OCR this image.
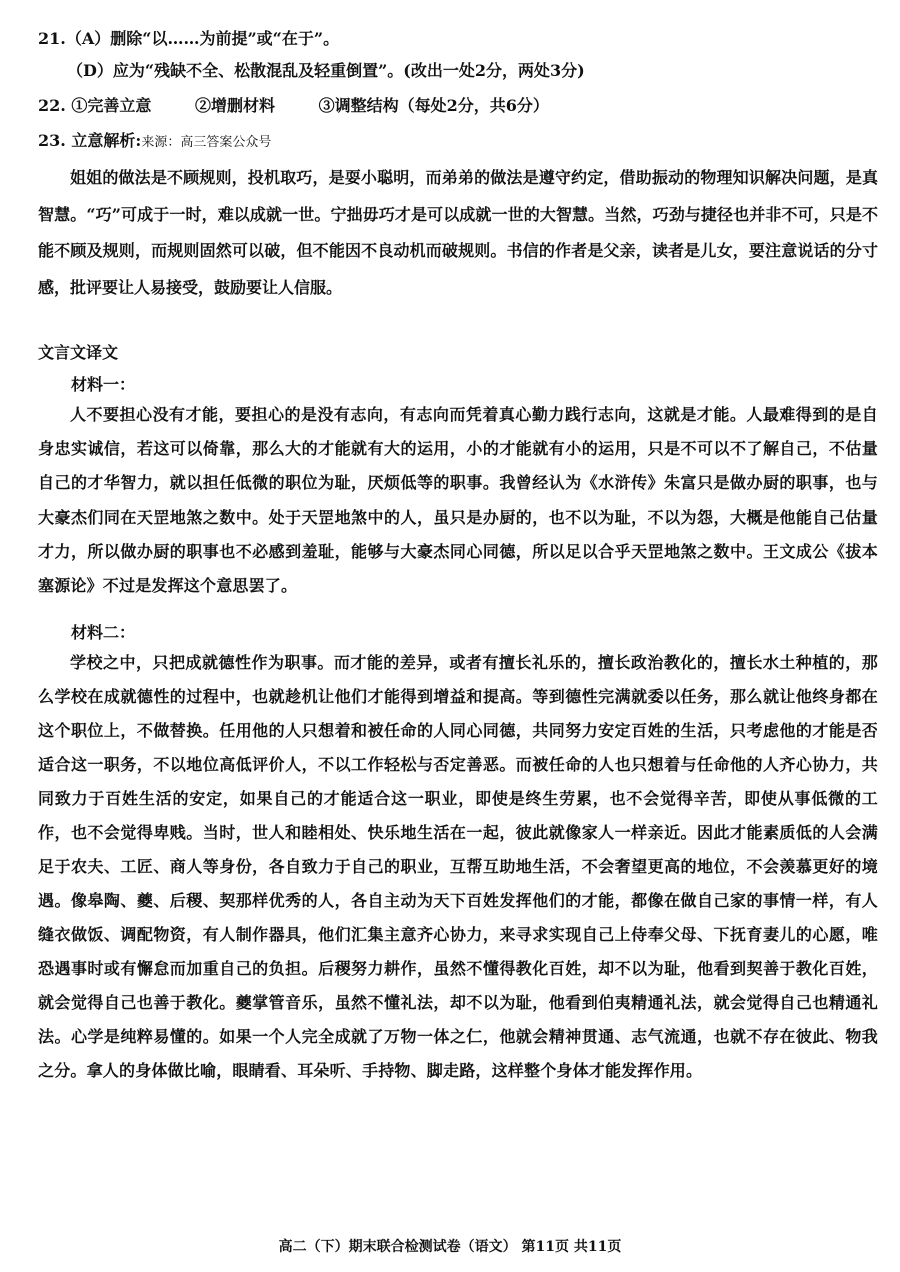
21.（A）删除“以……为前提”或“在于”。
（D）应为“残缺不全、松散混乱及轻重倒置”。(改出一处2分，两处3分)
22. ①完善立意	②增删材料	③调整结构（每处2分，共6分）
23. 立意解析:来源：高三答案公众号
姐姐的做法是不顾规则，投机取巧，是耍小聪明，而弟弟的做法是遵守约定，借助振动的物理知识解决问题，是真智慧。“巧”可成于一时，难以成就一世。宁拙毋巧才是可以成就一世的大智慧。当然，巧劲与捷径也并非不可，只是不能不顾及规则，而规则固然可以破，但不能因不良动机而破规则。书信的作者是父亲，读者是儿女，要注意说话的分寸感，批评要让人易接受，鼓励要让人信服。
文言文译文
材料一：
人不要担心没有才能，要担心的是没有志向，有志向而凭着真心勤力践行志向，这就是才能。人最难得到的是自身忠实诚信，若这可以倚靠，那么大的才能就有大的运用，小的才能就有小的运用，只是不可以不了解自己，不估量自己的才华智力，就以担任低微的职位为耻，厌烦低等的职事。我曾经认为《水浒传》朱富只是做办厨的职事，也与大豪杰们同在天罡地煞之数中。处于天罡地煞中的人，虽只是办厨的，也不以为耻，不以为怨，大概是他能自己估量才力，所以做办厨的职事也不必感到羞耻，能够与大豪杰同心同德，所以足以合乎天罡地煞之数中。王文成公《拔本塞源论》不过是发挥这个意思罢了。
材料二：
学校之中，只把成就德性作为职事。而才能的差异，或者有擅长礼乐的，擅长政治教化的，擅长水土种植的，那么学校在成就德性的过程中，也就趁机让他们才能得到增益和提高。等到德性完满就委以任务，那么就让他终身都在这个职位上，不做替换。任用他的人只想着和被任命的人同心同德，共同努力安定百姓的生活，只考虑他的才能是否适合这一职务，不以地位高低评价人，不以工作轻松与否定善恶。而被任命的人也只想着与任命他的人齐心协力，共同致力于百姓生活的安定，如果自己的才能适合这一职业，即使是终生劳累，也不会觉得辛苦，即使从事低微的工作，也不会觉得卑贱。当时，世人和睦相处、快乐地生活在一起，彼此就像家人一样亲近。因此才能素质低的人会满足于农夫、工匠、商人等身份，各自致力于自己的职业，互帮互助地生活，不会奢望更高的地位，不会羡慕更好的境遇。像皋陶、夔、后稷、契那样优秀的人，各自主动为天下百姓发挥他们的才能，都像在做自己家的事情一样，有人缝衣做饭、调配物资，有人制作器具，他们汇集主意齐心协力，来寻求实现自己上侍奉父母、下抚育妻儿的心愿，唯恐遇事时或有懈怠而加重自己的负担。后稷努力耕作，虽然不懂得教化百姓，却不以为耻，他看到契善于教化百姓，就会觉得自己也善于教化。夔掌管音乐，虽然不懂礼法，却不以为耻，他看到伯夷精通礼法，就会觉得自己也精通礼法。心学是纯粹易懂的。如果一个人完全成就了万物一体之仁，他就会精神贯通、志气流通，也就不存在彼此、物我之分。拿人的身体做比喻，眼睛看、耳朵听、手持物、脚走路，这样整个身体才能发挥作用。
高二（下）期末联合检测试卷（语文） 第11页 共11页
